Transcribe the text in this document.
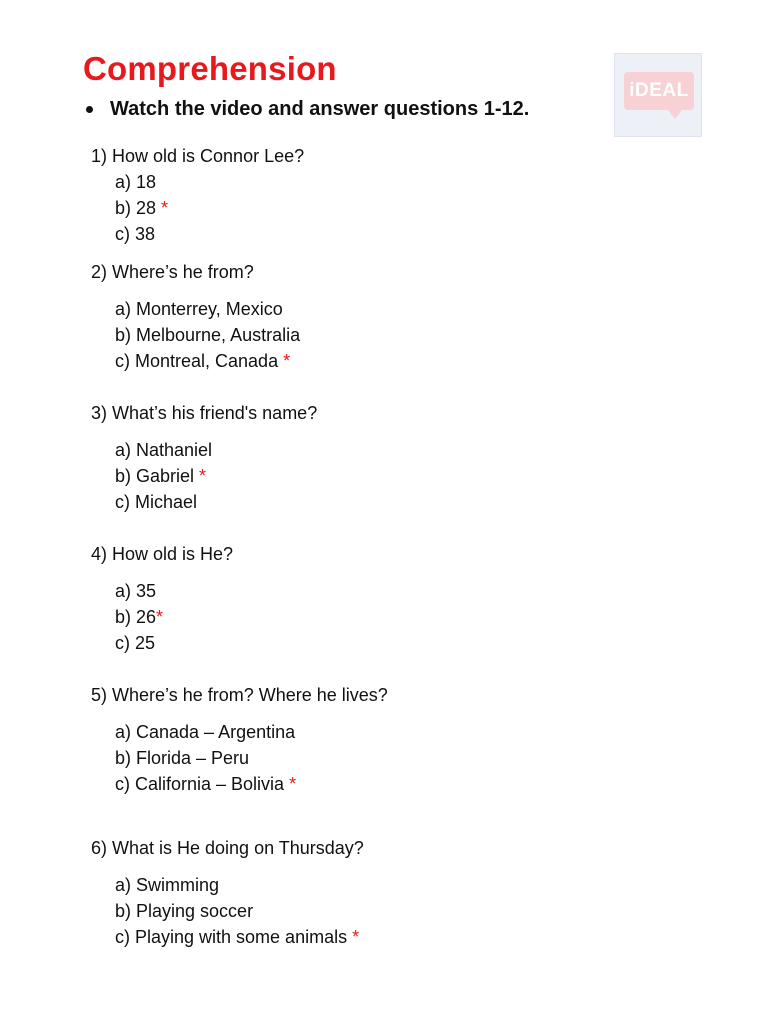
Comprehension
Watch the video and answer questions 1-12.
iDEAL
1) How old is Connor Lee?
a) 18
b) 28 *
c) 38
2) Where’s he from?
a) Monterrey, Mexico
b) Melbourne, Australia
c) Montreal, Canada *
3) What’s his friend's name?
a) Nathaniel
b) Gabriel *
c) Michael
4) How old is He?
a) 35
b) 26*
c) 25
5) Where’s he from? Where he lives?
a) Canada – Argentina
b) Florida – Peru
c) California – Bolivia *
6) What is He doing on Thursday?
a) Swimming
b) Playing soccer
c) Playing with some animals *
